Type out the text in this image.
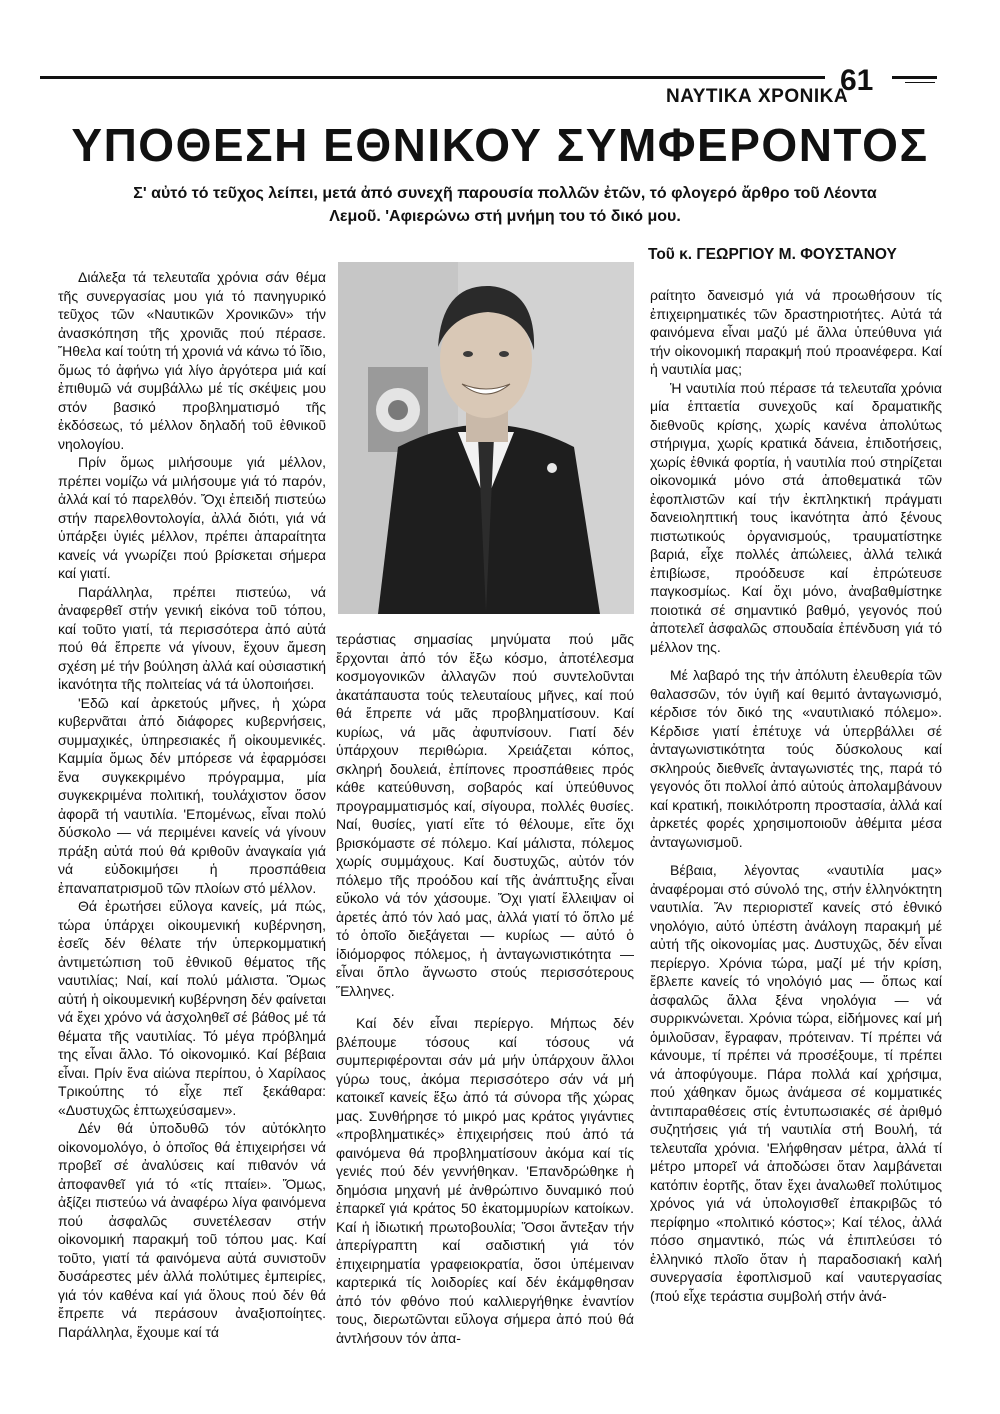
ΝΑΥΤΙΚΑ ΧΡΟΝΙΚΑ
61
ΥΠΟΘΕΣΗ ΕΘΝΙΚΟΥ ΣΥΜΦΕΡΟΝΤΟΣ
Σ' αὐτό τό τεῦχος λείπει, μετά ἀπό συνεχῆ παρουσία πολλῶν ἐτῶν, τό φλογερό ἄρθρο τοῦ Λέοντα Λεμοῦ. 'Αφιερώνω στή μνήμη του τό δικό μου.
Τοῦ κ. ΓΕΩΡΓΙΟΥ Μ. ΦΟΥΣΤΑΝΟΥ

Διάλεξα τά τελευταῖα χρόνια σάν θέμα τῆς συνεργασίας μου γιά τό πανηγυρικό τεῦχος τῶν «Ναυτικῶν Χρονικῶν» τήν ἀνασκόπηση τῆς χρονιᾶς πού πέρασε. Ἤθελα καί τούτη τή χρονιά νά κάνω τό ἴδιο, ὅμως τό ἀφήνω γιά λίγο ἀργότερα μιά καί ἐπιθυμῶ νά συμβάλλω μέ τίς σκέψεις μου στόν βασικό προβληματισμό τῆς ἐκδόσεως, τό μέλλον δηλαδή τοῦ ἐθνικοῦ νηολογίου.

Πρίν ὅμως μιλήσουμε γιά μέλλον, πρέπει νομίζω νά μιλήσουμε γιά τό παρόν, ἀλλά καί τό παρελθόν. Ὄχι ἐπειδή πιστεύω στήν παρελθοντολογία, ἀλλά διότι, γιά νά ὑπάρξει ὑγιές μέλλον, πρέπει ἀπαραίτητα κανείς νά γνωρίζει πού βρίσκεται σήμερα καί γιατί.

Παράλληλα, πρέπει πιστεύω, νά ἀναφερθεῖ στήν γενική εἰκόνα τοῦ τόπου, καί τοῦτο γιατί, τά περισσότερα ἀπό αὐτά πού θά ἔπρεπε νά γίνουν, ἔχουν ἄμεση σχέση μέ τήν βούληση ἀλλά καί οὐσιαστική ἱκανότητα τῆς πολιτείας νά τά ὑλοποιήσει.

'Εδῶ καί ἀρκετούς μῆνες, ἡ χώρα κυβερνᾶται ἀπό διάφορες κυβερνήσεις, συμμαχικές, ὑπηρεσιακές ἤ οἰκουμενικές. Καμμία ὅμως δέν μπόρεσε νά ἐφαρμόσει ἕνα συγκεκριμένο πρόγραμμα, μία συγκεκριμένα πολιτική, τουλάχιστον ὅσον ἀφορᾶ τή ναυτιλία. 'Επομένως, εἶναι πολύ δύσκολο — νά περιμένει κανείς νά γίνουν πράξη αὐτά πού θά κριθοῦν ἀναγκαία γιά νά εὐδοκιμήσει ἡ προσπάθεια ἐπαναπατρισμοῦ τῶν πλοίων στό μέλλον.

Θά ἐρωτήσει εὔλογα κανείς, μά πώς, τώρα ὑπάρχει οἰκουμενική κυβέρνηση, ἐσεῖς δέν θέλατε τήν ὑπερκομματική ἀντιμετώπιση τοῦ ἐθνικοῦ θέματος τῆς ναυτιλίας; Ναί, καί πολύ μάλιστα. Ὅμως αὐτή ἡ οἰκουμενική κυβέρνηση δέν φαίνεται νά ἔχει χρόνο νά ἀσχοληθεῖ σέ βάθος μέ τά θέματα τῆς ναυτιλίας. Τό μέγα πρόβλημά της εἶναι ἄλλο. Τό οἰκονομικό. Καί βέβαια εἶναι. Πρίν ἕνα αἰώνα περίπου, ὁ Χαρίλαος Τρικούπης τό εἶχε πεῖ ξεκάθαρα: «Δυστυχῶς ἐπτωχεύσαμεν».

Δέν θά ὑποδυθῶ τόν αὐτόκλητο οἰκονομολόγο, ὁ ὁποῖος θά ἐπιχειρήσει νά προβεῖ σέ ἀναλύσεις καί πιθανόν νά ἀποφανθεῖ γιά τό «τίς πταίει». Ὅμως, ἀξίζει πιστεύω νά ἀναφέρω λίγα φαινόμενα πού ἀσφαλῶς συνετέλεσαν στήν οἰκονομική παρακμή τοῦ τόπου μας. Καί τοῦτο, γιατί τά φαινόμενα αὐτά συνιστοῦν δυσάρεστες μέν ἀλλά πολύτιμες ἐμπειρίες, γιά τόν καθένα καί γιά ὅλους πού δέν θά ἔπρεπε νά περάσουν ἀναξιοποίητες. Παράλληλα, ἔχουμε καί τά

τεράστιας σημασίας μηνύματα πού μᾶς ἔρχονται ἀπό τόν ἔξω κόσμο, ἀποτέλεσμα κοσμογονικῶν ἀλλαγῶν πού συντελοῦνται ἀκατάπαυστα τούς τελευταίους μῆνες, καί πού θά ἔπρεπε νά μᾶς προβληματίσουν. Καί κυρίως, νά μᾶς ἀφυπνίσουν. Γιατί δέν ὑπάρχουν περιθώρια. Χρειάζεται κόπος, σκληρή δουλειά, ἐπίπονες προσπάθειες πρός κάθε κατεύθυνση, σοβαρός καί ὑπεύθυνος προγραμματισμός καί, σίγουρα, πολλές θυσίες. Ναί, θυσίες, γιατί εἴτε τό θέλουμε, εἴτε ὄχι βρισκόμαστε σέ πόλεμο. Καί μάλιστα, πόλεμος χωρίς συμμάχους. Καί δυστυχῶς, αὐτόν τόν πόλεμο τῆς προόδου καί τῆς ἀνάπτυξης εἶναι εὔκολο νά τόν χάσουμε. Ὄχι γιατί ἔλλειψαν οἱ ἀρετές ἀπό τόν λαό μας, ἀλλά γιατί τό ὅπλο μέ τό ὁποῖο διεξάγεται — κυρίως — αὐτό ὁ ἰδιόμορφος πόλεμος, ἡ ἀνταγωνιστικότητα — εἶναι ὅπλο ἄγνωστο στούς περισσότερους Ἕλληνες.

Καί δέν εἶναι περίεργο. Μήπως δέν βλέπουμε τόσους καί τόσους νά συμπεριφέρονται σάν μά μήν ὑπάρχουν ἄλλοι γύρω τους, ἀκόμα περισσότερο σάν νά μή κατοικεῖ κανείς ἔξω ἀπό τά σύνορα τῆς χώρας μας. Συνθήρησε τό μικρό μας κράτος γιγάντιες «προβληματικές» ἐπιχειρήσεις πού ἀπό τά φαινόμενα θά προβληματίσουν ἀκόμα καί τίς γενιές πού δέν γεννήθηκαν. 'Επανδρώθηκε ἡ δημόσια μηχανή μέ ἀνθρώπινο δυναμικό πού ἐπαρκεῖ γιά κράτος 50 ἑκατομμυρίων κατοίκων. Καί ἡ ἰδιωτική πρωτοβουλία; Ὅσοι ἄντεξαν τήν ἀπερίγραπτη καί σαδιστική γιά τόν ἐπιχειρηματία γραφειοκρατία, ὅσοι ὑπέμειναν καρτερικά τίς λοιδορίες καί δέν ἐκάμφθησαν ἀπό τόν φθόνο πού καλλιεργήθηκε ἐναντίον τους, διερωτῶνται εὔλογα σήμερα ἀπό πού θά ἀντλήσουν τόν ἀπα-

ραίτητο δανεισμό γιά νά προωθήσουν τίς ἐπιχειρηματικές τῶν δραστηριοτήτες. Αὐτά τά φαινόμενα εἶναι μαζύ μέ ἄλλα ὑπεύθυνα γιά τήν οἰκονομική παρακμή πού προανέφερα. Καί ἡ ναυτιλία μας;

Ἡ ναυτιλία πού πέρασε τά τελευταῖα χρόνια μία ἑπταετία συνεχοῦς καί δραματικῆς διεθνοῦς κρίσης, χωρίς κανένα ἀπολύτως στήριγμα, χωρίς κρατικά δάνεια, ἐπιδοτήσεις, χωρίς ἐθνικά φορτία, ἡ ναυτιλία πού στηρίζεται οἰκονομικά μόνο στά ἀποθεματικά τῶν ἐφοπλιστῶν καί τήν ἐκπληκτική πράγματι δανειοληπτική τους ἱκανότητα ἀπό ξένους πιστωτικούς ὀργανισμούς, τραυματίστηκε βαριά, εἶχε πολλές ἀπώλειες, ἀλλά τελικά ἐπιβίωσε, προόδευσε καί ἐπρώτευσε παγκοσμίως. Καί ὄχι μόνο, ἀναβαθμίστηκε ποιοτικά σέ σημαντικό βαθμό, γεγονός πού ἀποτελεῖ ἀσφαλῶς σπουδαία ἐπένδυση γιά τό μέλλον της.

Μέ λαβαρό της τήν ἀπόλυτη ἐλευθερία τῶν θαλασσῶν, τόν ὑγιῆ καί θεμιτό ἀνταγωνισμό, κέρδισε τόν δικό της «ναυτιλιακό πόλεμο». Κέρδισε γιατί ἐπέτυχε νά ὑπερβάλλει σέ ἀνταγωνιστικότητα τούς δύσκολους καί σκληρούς διεθνεῖς ἀνταγωνιστές της, παρά τό γεγονός ὅτι πολλοί ἀπό αὐτούς ἀπολαμβάνουν καί κρατική, ποικιλότροπη προστασία, ἀλλά καί ἀρκετές φορές χρησιμοποιοῦν ἀθέμιτα μέσα ἀνταγωνισμοῦ.

Βέβαια, λέγοντας «ναυτιλία μας» ἀναφέρομαι στό σύνολό της, στήν ἑλληνόκτητη ναυτιλία. Ἄν περιοριστεῖ κανείς στό ἐθνικό νηολόγιο, αὐτό ὑπέστη ἀνάλογη παρακμή μέ αὐτή τῆς οἰκονομίας μας. Δυστυχῶς, δέν εἶναι περίεργο. Χρόνια τώρα, μαζί μέ τήν κρίση, ἔβλεπε κανείς τό νηολόγιό μας — ὅπως καί ἀσφαλῶς ἄλλα ξένα νηολόγια — νά συρρικνώνεται. Χρόνια τώρα, εἰδήμονες καί μή ὁμιλοῦσαν, ἔγραφαν, πρότειναν. Τί πρέπει νά κάνουμε, τί πρέπει νά προσέξουμε, τί πρέπει νά ἀποφύγουμε. Πάρα πολλά καί χρήσιμα, πού χάθηκαν ὅμως ἀνάμεσα σέ κομματικές ἀντιπαραθέσεις στίς ἐντυπωσιακές σέ ἀριθμό συζητήσεις γιά τή ναυτιλία στή Βουλή, τά τελευταῖα χρόνια. 'Ελήφθησαν μέτρα, ἀλλά τί μέτρο μπορεῖ νά ἀποδώσει ὅταν λαμβάνεται κατόπιν ἑορτῆς, ὅταν ἔχει ἀναλωθεῖ πολύτιμος χρόνος γιά νά ὑπολογισθεῖ ἐπακριβῶς τό περίφημο «πολιτικό κόστος»; Καί τέλος, ἀλλά πόσο σημαντικό, πώς νά ἐπιπλεύσει τό ἑλληνικό πλοῖο ὅταν ἡ παραδοσιακή καλή συνεργασία ἐφοπλισμοῦ καί ναυτεργασίας (πού εἶχε τεράστια συμβολή στήν ἀνά-
